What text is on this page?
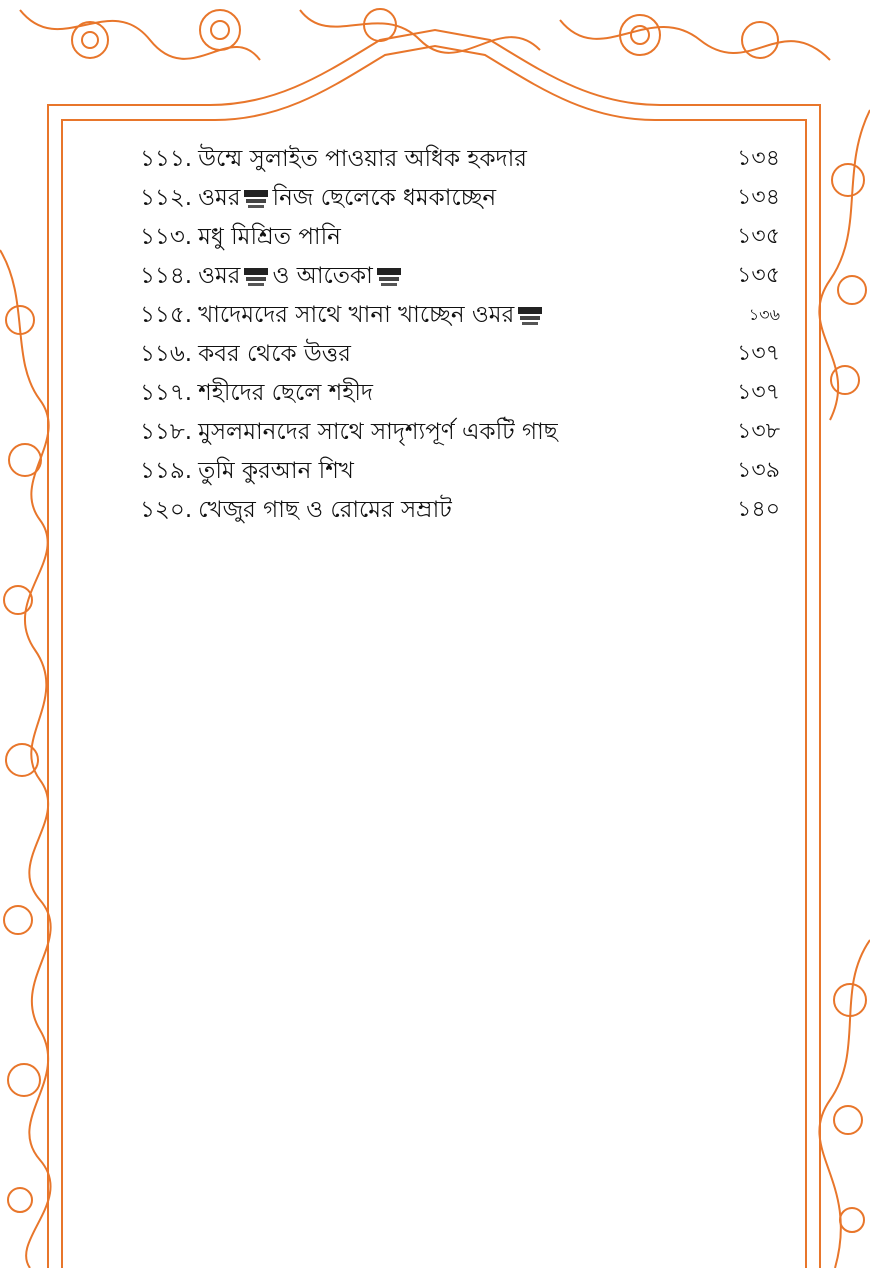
১১১. উম্মে সুলাইত পাওয়ার অধিক হকদার	১৩৪
১১২. ওমর নিজ ছেলেকে ধমকাচ্ছেন	১৩৪
১১৩. মধু মিশ্রিত পানি	১৩৫
১১৪. ওমর ও আতেকা	১৩৫
১১৫. খাদেমদের সাথে খানা খাচ্ছেন ওমর	১৩৬
১১৬. কবর থেকে উত্তর	১৩৭
১১৭. শহীদের ছেলে শহীদ	১৩৭
১১৮. মুসলমানদের সাথে সাদৃশ্যপূর্ণ একটি গাছ	১৩৮
১১৯. তুমি কুরআন শিখ	১৩৯
১২০. খেজুর গাছ ও রোমের সম্রাট	১৪০
